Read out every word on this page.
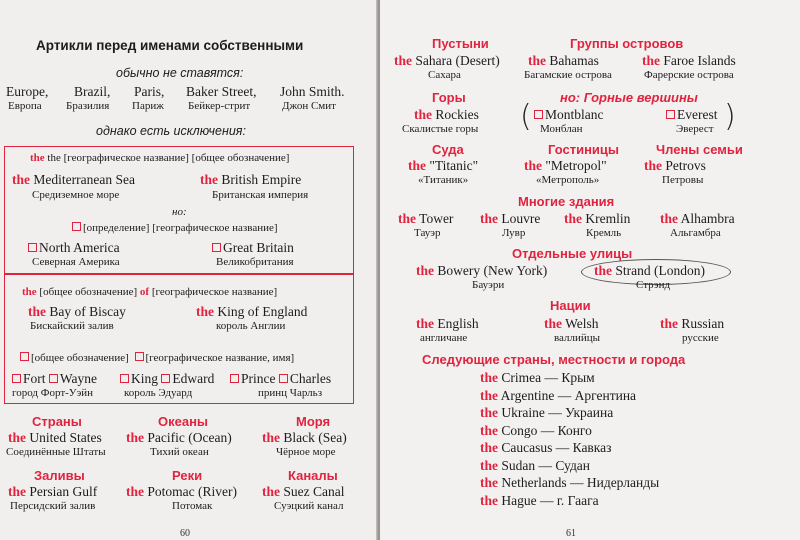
Артикли перед именами собственными
обычно не ставятся:
Europe,
Европа
Brazil,
Бразилия
Paris,
Париж
Baker Street,
Бейкер-стрит
John Smith.
Джон Смит
однако есть исключения:
the the [географическое название] [общее обозначение]
the Mediterranean Sea
Средиземное море
the British Empire
Британская империя
но:
[определение] [географическое название]
North America
Северная Америка
Great Britain
Великобритания
the [общее обозначение] of [географическое название]
the Bay of Biscay
Бискайский залив
the King of England
король Англии
[общее обозначение] [географическое название, имя]
Fort Wayne
город Форт-Уэйн
King Edward
король Эдуард
Prince Charles
принц Чарльз
Страны
the United States
Соединённые Штаты
Океаны
the Pacific (Ocean)
Тихий океан
Моря
the Black (Sea)
Чёрное море
Заливы
the Persian Gulf
Персидский залив
Реки
the Potomac (River)
Потомак
Каналы
the Suez Canal
Суэцкий канал
60
Пустыни
the Sahara (Desert)
Сахара
Группы островов
the Bahamas
Багамские острова
the Faroe Islands
Фарерские острова
Горы
the Rockies
Скалистые горы
но: Горные вершины
( Montblanc
Монблан
Everest
Эверест )
Суда
the "Titanic"
«Титаник»
Гостиницы
the "Metropol"
«Метрополь»
Члены семьи
the Petrovs
Петровы
Многие здания
the Tower
Тауэр
the Louvre
Лувр
the Kremlin
Кремль
the Alhambra
Альгамбра
Отдельные улицы
the Bowery (New York)
Бауэри
the Strand (London)
Стрэнд
Нации
the English
англичане
the Welsh
валлийцы
the Russian
русские
Следующие страны, местности и города
the Crimea — Крым
the Argentine — Аргентина
the Ukraine — Украина
the Congo — Конго
the Caucasus — Кавказ
the Sudan — Судан
the Netherlands — Нидерланды
the Hague — г. Гаага
61
